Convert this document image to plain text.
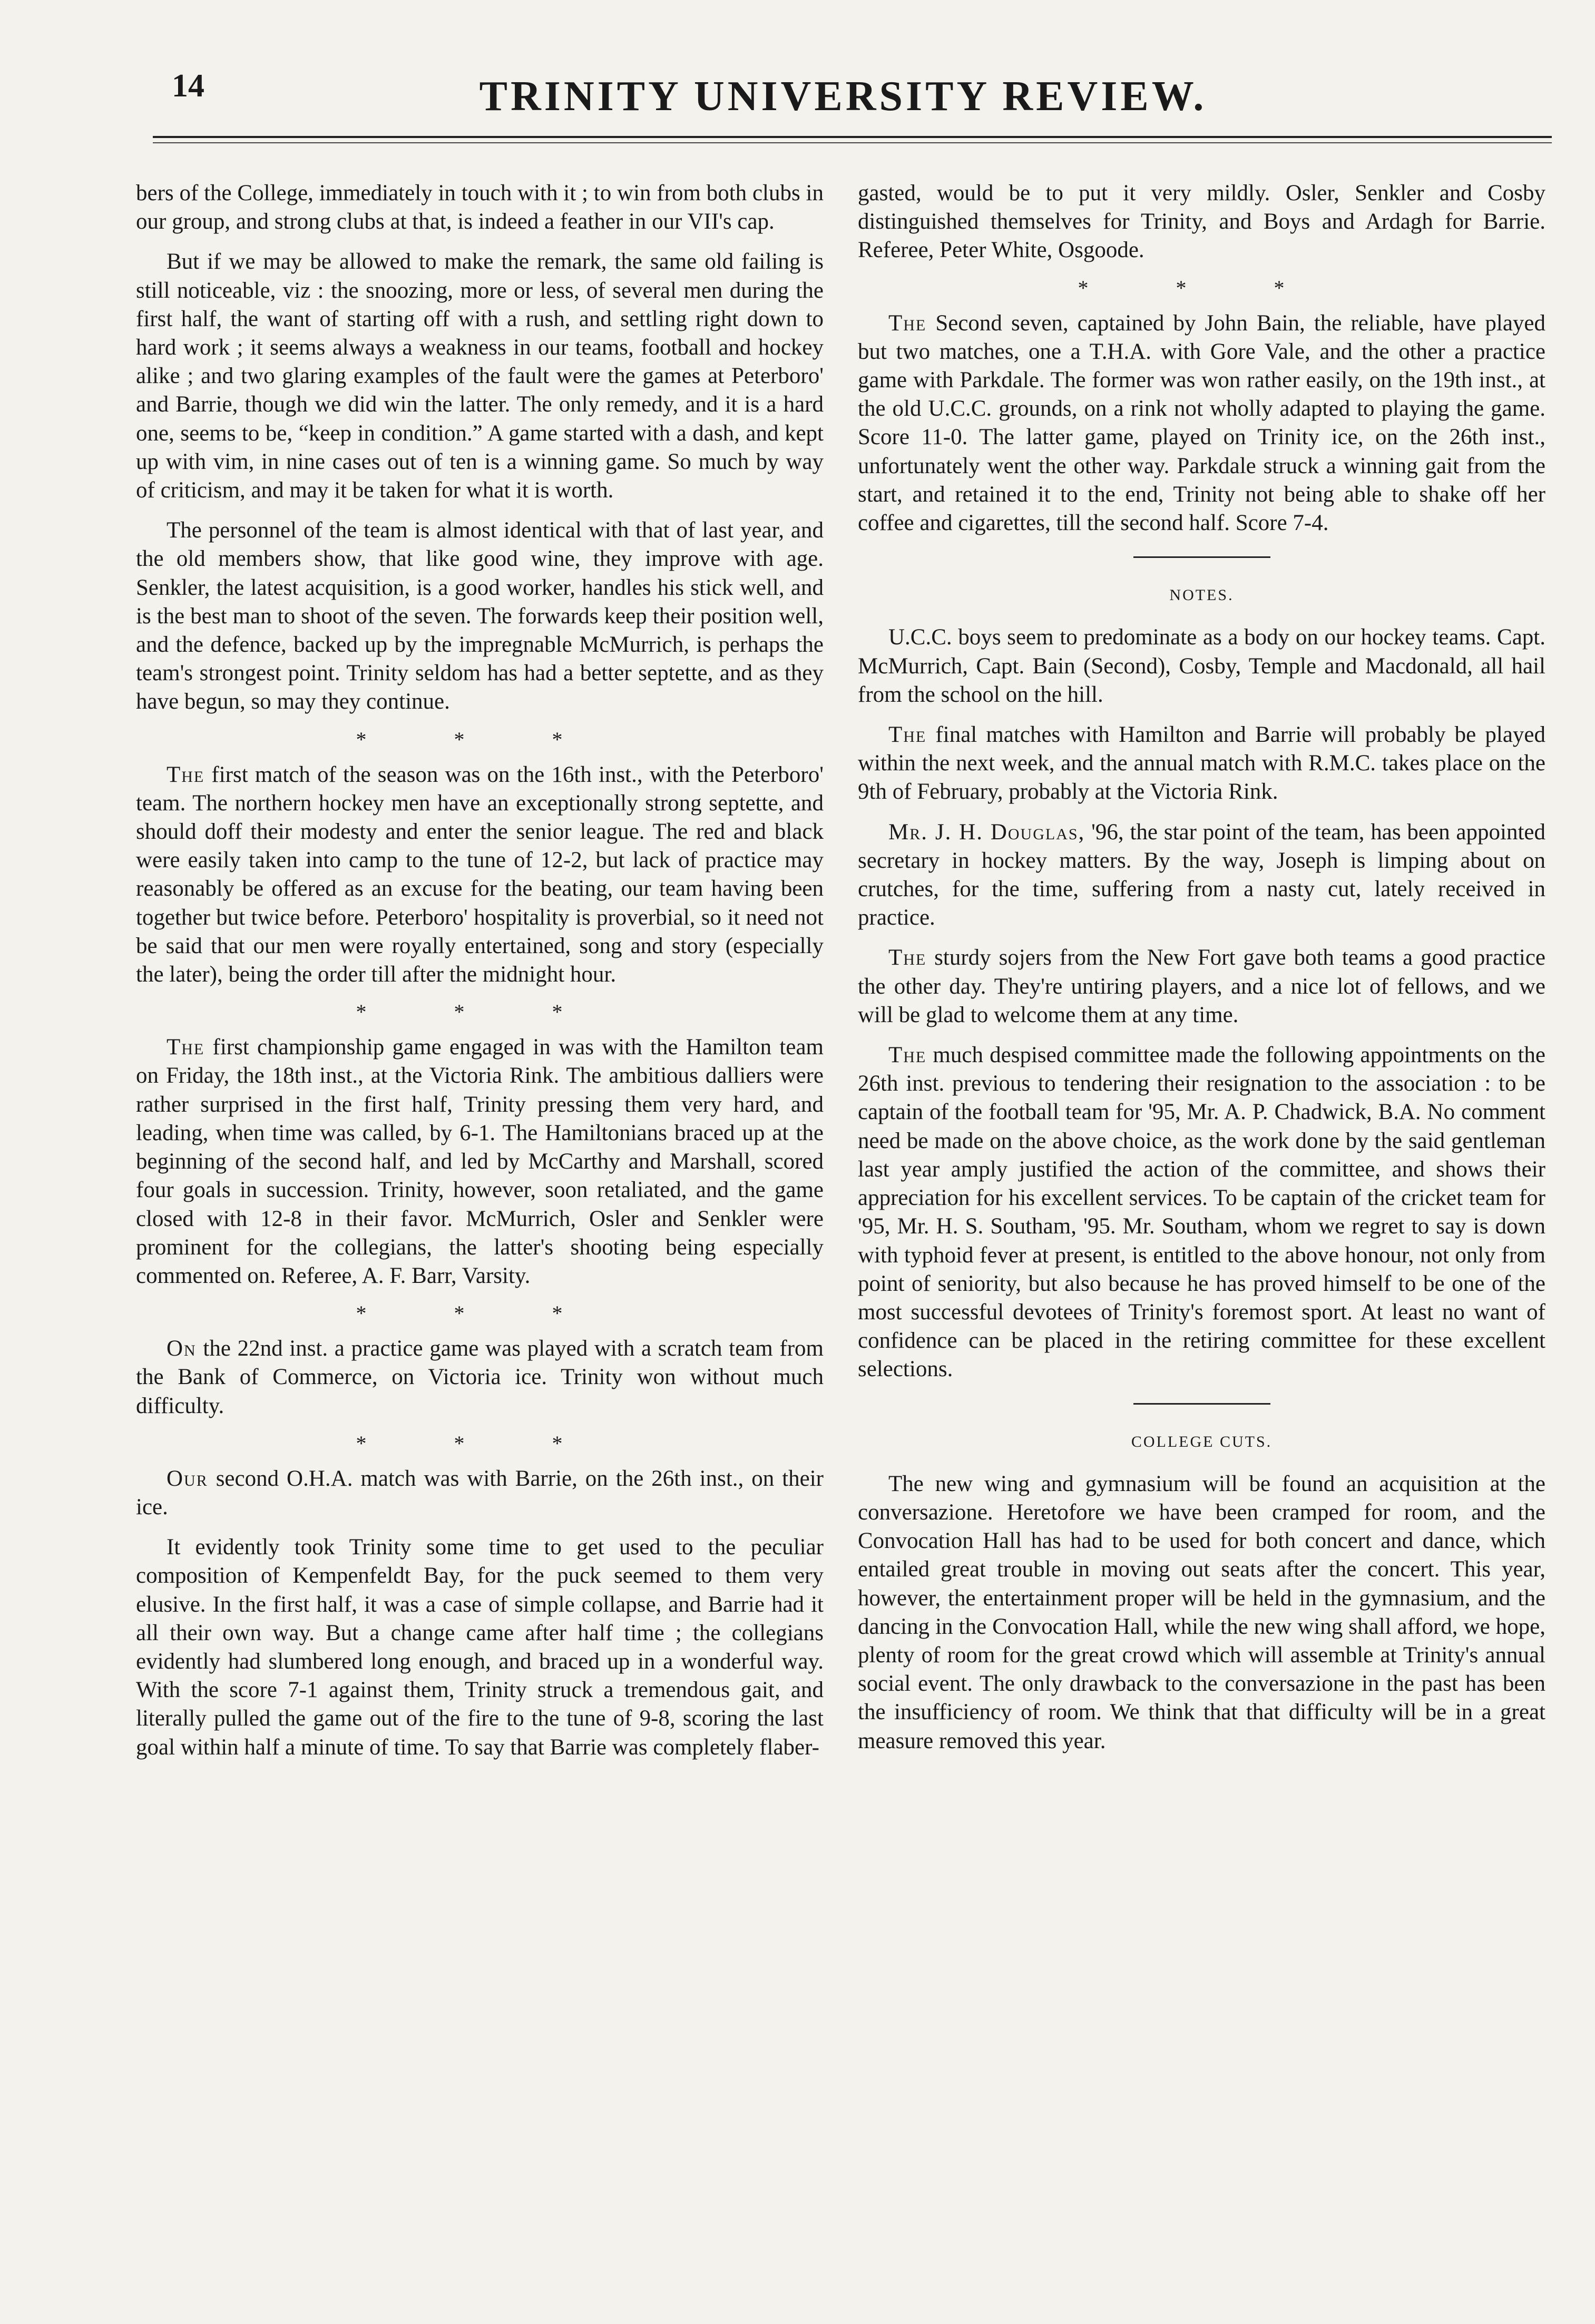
14	TRINITY UNIVERSITY REVIEW.

bers of the College, immediately in touch with it ; to win from both clubs in our group, and strong clubs at that, is indeed a feather in our VII's cap.

But if we may be allowed to make the remark, the same old failing is still noticeable, viz : the snoozing, more or less, of several men during the first half, the want of starting off with a rush, and settling right down to hard work ; it seems always a weakness in our teams, football and hockey alike ; and two glaring examples of the fault were the games at Peterboro' and Barrie, though we did win the latter. The only remedy, and it is a hard one, seems to be, “keep in condition.” A game started with a dash, and kept up with vim, in nine cases out of ten is a winning game. So much by way of criticism, and may it be taken for what it is worth.

The personnel of the team is almost identical with that of last year, and the old members show, that like good wine, they improve with age. Senkler, the latest acquisition, is a good worker, handles his stick well, and is the best man to shoot of the seven. The forwards keep their position well, and the defence, backed up by the impregnable McMurrich, is perhaps the team's strongest point. Trinity seldom has had a better septette, and as they have begun, so may they continue.

* * *

The first match of the season was on the 16th inst., with the Peterboro' team. The northern hockey men have an exceptionally strong septette, and should doff their modesty and enter the senior league. The red and black were easily taken into camp to the tune of 12-2, but lack of practice may reasonably be offered as an excuse for the beating, our team having been together but twice before. Peterboro' hospitality is proverbial, so it need not be said that our men were royally entertained, song and story (especially the later), being the order till after the midnight hour.

* * *

The first championship game engaged in was with the Hamilton team on Friday, the 18th inst., at the Victoria Rink. The ambitious dalliers were rather surprised in the first half, Trinity pressing them very hard, and leading, when time was called, by 6-1. The Hamiltonians braced up at the beginning of the second half, and led by McCarthy and Marshall, scored four goals in succession. Trinity, however, soon retaliated, and the game closed with 12-8 in their favor. McMurrich, Osler and Senkler were prominent for the collegians, the latter's shooting being especially commented on. Referee, A. F. Barr, Varsity.

* * *

On the 22nd inst. a practice game was played with a scratch team from the Bank of Commerce, on Victoria ice. Trinity won without much difficulty.

* * *

Our second O.H.A. match was with Barrie, on the 26th inst., on their ice.

It evidently took Trinity some time to get used to the peculiar composition of Kempenfeldt Bay, for the puck seemed to them very elusive. In the first half, it was a case of simple collapse, and Barrie had it all their own way. But a change came after half time ; the collegians evidently had slumbered long enough, and braced up in a wonderful way. With the score 7-1 against them, Trinity struck a tremendous gait, and literally pulled the game out of the fire to the tune of 9-8, scoring the last goal within half a minute of time. To say that Barrie was completely flaber-

gasted, would be to put it very mildly. Osler, Senkler and Cosby distinguished themselves for Trinity, and Boys and Ardagh for Barrie. Referee, Peter White, Osgoode.

* * *

The Second seven, captained by John Bain, the reliable, have played but two matches, one a T.H.A. with Gore Vale, and the other a practice game with Parkdale. The former was won rather easily, on the 19th inst., at the old U.C.C. grounds, on a rink not wholly adapted to playing the game. Score 11-0. The latter game, played on Trinity ice, on the 26th inst., unfortunately went the other way. Parkdale struck a winning gait from the start, and retained it to the end, Trinity not being able to shake off her coffee and cigarettes, till the second half. Score 7-4.

NOTES.

U.C.C. boys seem to predominate as a body on our hockey teams. Capt. McMurrich, Capt. Bain (Second), Cosby, Temple and Macdonald, all hail from the school on the hill.

The final matches with Hamilton and Barrie will probably be played within the next week, and the annual match with R.M.C. takes place on the 9th of February, probably at the Victoria Rink.

Mr. J. H. Douglas, '96, the star point of the team, has been appointed secretary in hockey matters. By the way, Joseph is limping about on crutches, for the time, suffering from a nasty cut, lately received in practice.

The sturdy sojers from the New Fort gave both teams a good practice the other day. They're untiring players, and a nice lot of fellows, and we will be glad to welcome them at any time.

The much despised committee made the following appointments on the 26th inst. previous to tendering their resignation to the association : to be captain of the football team for '95, Mr. A. P. Chadwick, B.A. No comment need be made on the above choice, as the work done by the said gentleman last year amply justified the action of the committee, and shows their appreciation for his excellent services. To be captain of the cricket team for '95, Mr. H. S. Southam, '95. Mr. Southam, whom we regret to say is down with typhoid fever at present, is entitled to the above honour, not only from point of seniority, but also because he has proved himself to be one of the most successful devotees of Trinity's foremost sport. At least no want of confidence can be placed in the retiring committee for these excellent selections.

COLLEGE CUTS.

The new wing and gymnasium will be found an acquisition at the conversazione. Heretofore we have been cramped for room, and the Convocation Hall has had to be used for both concert and dance, which entailed great trouble in moving out seats after the concert. This year, however, the entertainment proper will be held in the gymnasium, and the dancing in the Convocation Hall, while the new wing shall afford, we hope, plenty of room for the great crowd which will assemble at Trinity's annual social event. The only drawback to the conversazione in the past has been the insufficiency of room. We think that that difficulty will be in a great measure removed this year.
